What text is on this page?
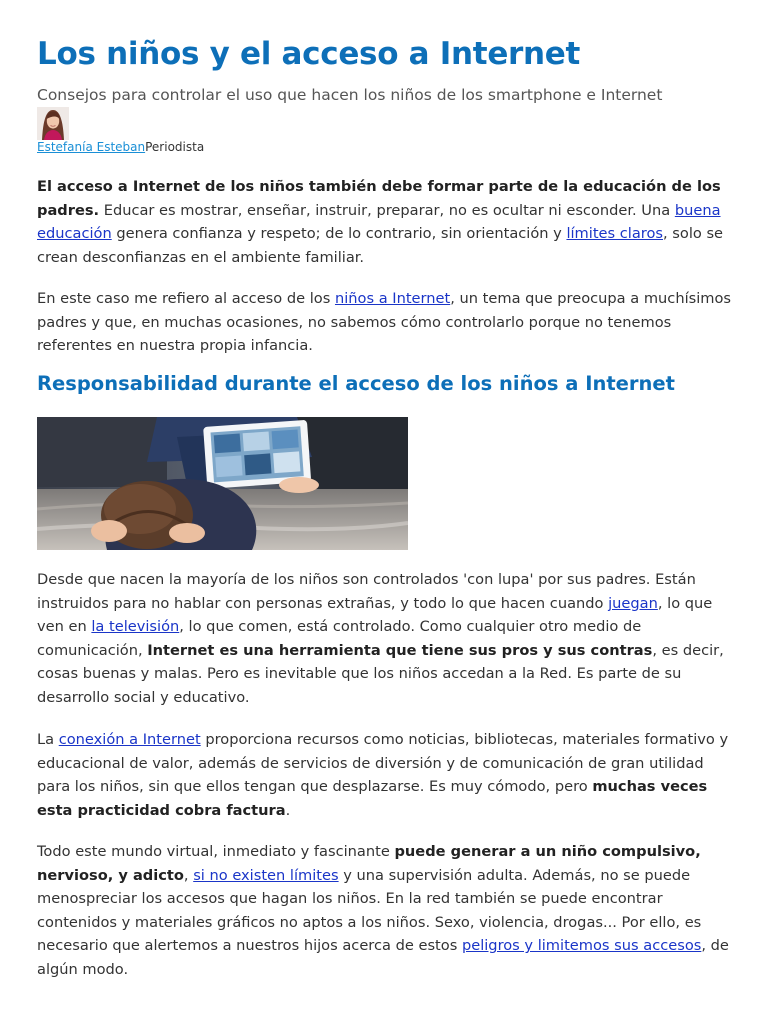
Los niños y el acceso a Internet

Consejos para controlar el uso que hacen los niños de los smartphone e Internet

Estefanía EstebanPeriodista

El acceso a Internet de los niños también debe formar parte de la educación de los padres. Educar es mostrar, enseñar, instruir, preparar, no es ocultar ni esconder. Una buena educación genera confianza y respeto; de lo contrario, sin orientación y límites claros, solo se crean desconfianzas en el ambiente familiar.

En este caso me refiero al acceso de los niños a Internet, un tema que preocupa a muchísimos padres y que, en muchas ocasiones, no sabemos cómo controlarlo porque no tenemos referentes en nuestra propia infancia.

Responsabilidad durante el acceso de los niños a Internet

Desde que nacen la mayoría de los niños son controlados 'con lupa' por sus padres. Están instruidos para no hablar con personas extrañas, y todo lo que hacen cuando juegan, lo que ven en la televisión, lo que comen, está controlado. Como cualquier otro medio de comunicación, Internet es una herramienta que tiene sus pros y sus contras, es decir, cosas buenas y malas. Pero es inevitable que los niños accedan a la Red. Es parte de su desarrollo social y educativo.

La conexión a Internet proporciona recursos como noticias, bibliotecas, materiales formativo y educacional de valor, además de servicios de diversión y de comunicación de gran utilidad para los niños, sin que ellos tengan que desplazarse. Es muy cómodo, pero muchas veces esta practicidad cobra factura.

Todo este mundo virtual, inmediato y fascinante puede generar a un niño compulsivo, nervioso, y adicto, si no existen límites y una supervisión adulta. Además, no se puede menospreciar los accesos que hagan los niños. En la red también se puede encontrar contenidos y materiales gráficos no aptos a los niños. Sexo, violencia, drogas... Por ello, es necesario que alertemos a nuestros hijos acerca de estos peligros y limitemos sus accesos, de algún modo.
